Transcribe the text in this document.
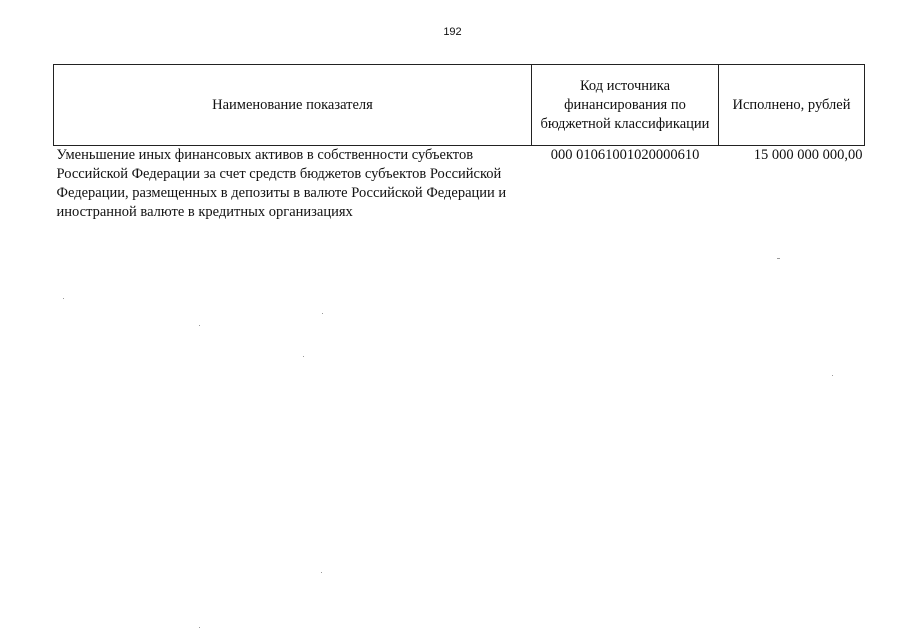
192
Наименование показателя	Код источника финансирования по бюджетной классификации	Исполнено, рублей
Уменьшение иных финансовых активов в собственности субъектов Российской Федерации за счет средств бюджетов субъектов Российской Федерации, размещенных в депозиты в валюте Российской Федерации и иностранной валюте в кредитных организациях	000 01061001020000610	15 000 000 000,00
